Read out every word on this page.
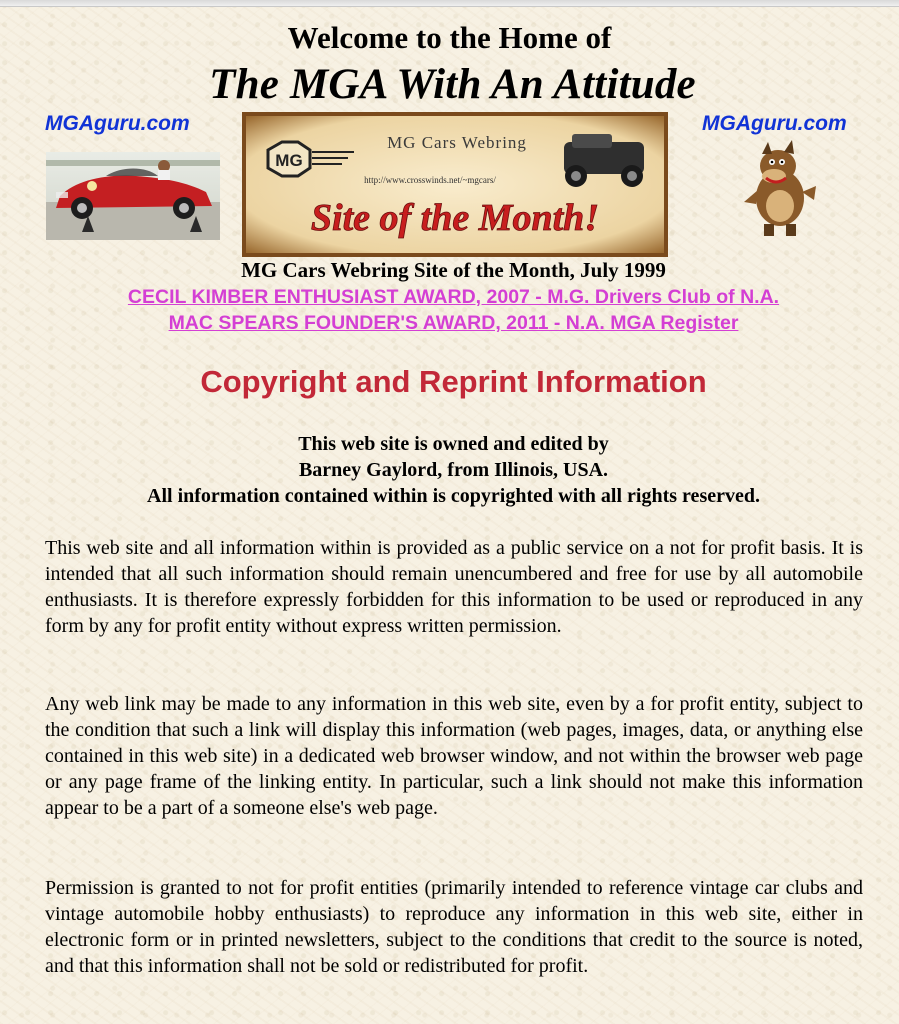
Welcome to the Home of
The MGA With An Attitude
MGAguru.com	MGAguru.com
MG
MG Cars Webring
http://www.crosswinds.net/~mgcars/
Site of the Month!
MG Cars Webring Site of the Month, July 1999
CECIL KIMBER ENTHUSIAST AWARD, 2007 - M.G. Drivers Club of N.A.
MAC SPEARS FOUNDER'S AWARD, 2011 - N.A. MGA Register
Copyright and Reprint Information
This web site is owned and edited by
Barney Gaylord, from Illinois, USA.
All information contained within is copyrighted with all rights reserved.

This web site and all information within is provided as a public service on a not for profit basis. It is intended that all such information should remain unencumbered and free for use by all automobile enthusiasts. It is therefore expressly forbidden for this information to be used or reproduced in any form by any for profit entity without express written permission.

Any web link may be made to any information in this web site, even by a for profit entity, subject to the condition that such a link will display this information (web pages, images, data, or anything else contained in this web site) in a dedicated web browser window, and not within the browser web page or any page frame of the linking entity. In particular, such a link should not make this information appear to be a part of a someone else's web page.

Permission is granted to not for profit entities (primarily intended to reference vintage car clubs and vintage automobile hobby enthusiasts) to reproduce any information in this web site, either in electronic form or in printed newsletters, subject to the conditions that credit to the source is noted, and that this information shall not be sold or redistributed for profit.
